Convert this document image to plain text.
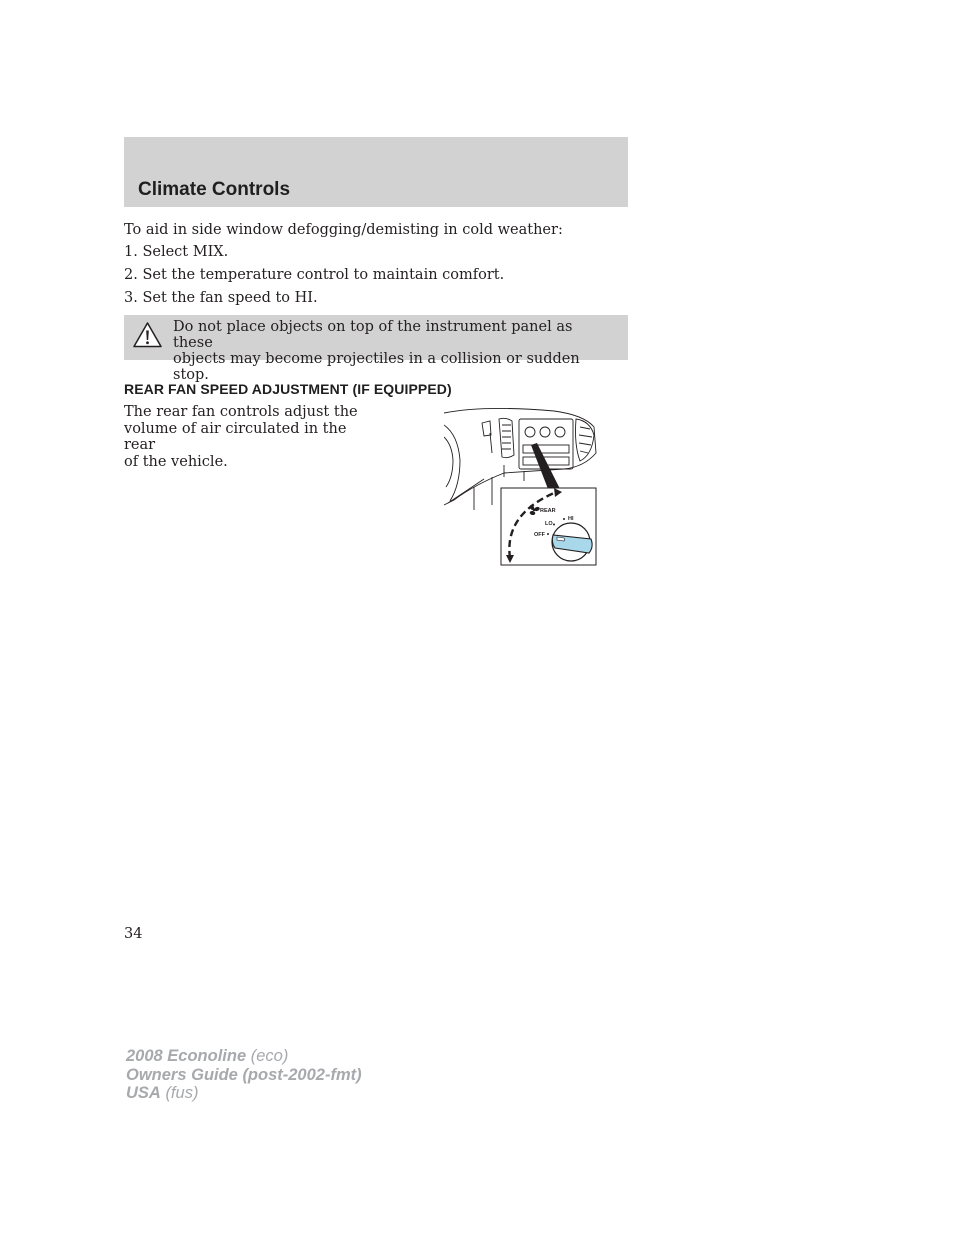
Climate Controls

To aid in side window defogging/demisting in cold weather:

1. Select MIX.

2. Set the temperature control to maintain comfort.

3. Set the fan speed to HI.

Do not place objects on top of the instrument panel as these
objects may become projectiles in a collision or sudden stop.

REAR FAN SPEED ADJUSTMENT (IF EQUIPPED)

The rear fan controls adjust the
volume of air circulated in the rear
of the vehicle.

REAR
HI
LO
OFF

34

2008 Econoline (eco)
Owners Guide (post-2002-fmt)
USA (fus)
